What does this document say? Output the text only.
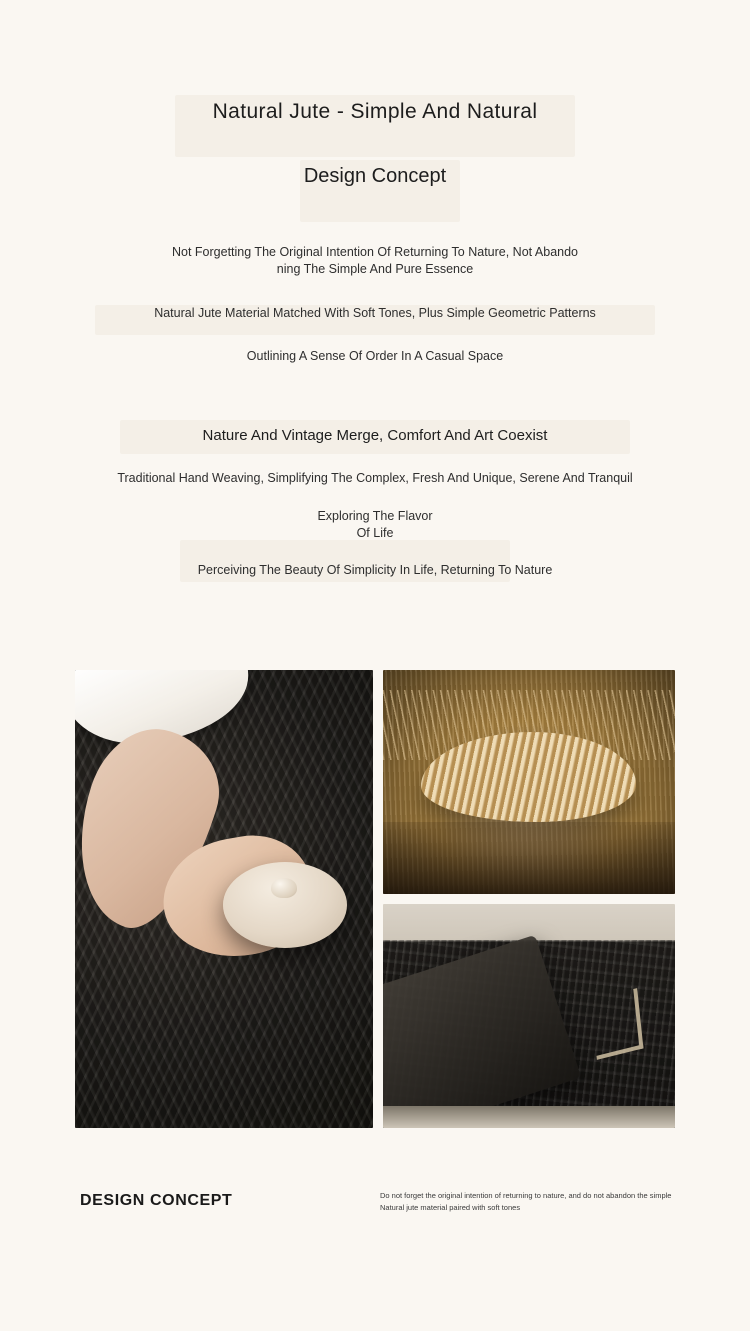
Natural Jute - Simple And Natural
Design Concept
Not Forgetting The Original Intention Of Returning To Nature, Not Abando
ning The Simple And Pure Essence
Natural Jute Material Matched With Soft Tones, Plus Simple Geometric Patterns
Outlining A Sense Of Order In A Casual Space
Nature And Vintage Merge, Comfort And Art Coexist
Traditional Hand Weaving, Simplifying The Complex, Fresh And Unique, Serene And Tranquil
Exploring The Flavor
Of Life
Perceiving The Beauty Of Simplicity In Life, Returning To Nature
DESIGN CONCEPT	Do not forget the original intention of returning to nature, and do not abandon the simple
Natural jute material paired with soft tones
